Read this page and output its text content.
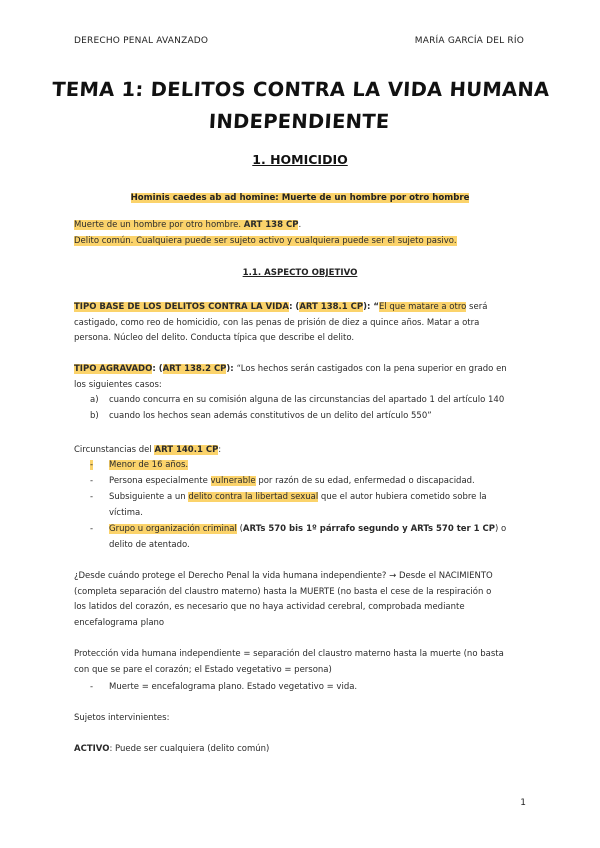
DERECHO PENAL AVANZADO	MARÍA GARCÍA DEL RÍO
TEMA 1: DELITOS CONTRA LA VIDA HUMANA
INDEPENDIENTE
1. HOMICIDIO
Hominis caedes ab ad homine: Muerte de un hombre por otro hombre
Muerte de un hombre por otro hombre. ART 138 CP.
Delito común. Cualquiera puede ser sujeto activo y cualquiera puede ser el sujeto pasivo.
1.1. ASPECTO OBJETIVO
TIPO BASE DE LOS DELITOS CONTRA LA VIDA: (ART 138.1 CP): “El que matare a otro será
castigado, como reo de homicidio, con las penas de prisión de diez a quince años. Matar a otra
persona. Núcleo del delito. Conducta típica que describe el delito.
TIPO AGRAVADO: (ART 138.2 CP): “Los hechos serán castigados con la pena superior en grado en
los siguientes casos:
a) cuando concurra en su comisión alguna de las circunstancias del apartado 1 del artículo 140
b) cuando los hechos sean además constitutivos de un delito del artículo 550”
Circunstancias del ART 140.1 CP:
- Menor de 16 años.
- Persona especialmente vulnerable por razón de su edad, enfermedad o discapacidad.
- Subsiguiente a un delito contra la libertad sexual que el autor hubiera cometido sobre la
víctima.
- Grupo u organización criminal (ARTs 570 bis 1º párrafo segundo y ARTs 570 ter 1 CP) o
delito de atentado.
¿Desde cuándo protege el Derecho Penal la vida humana independiente? → Desde el NACIMIENTO
(completa separación del claustro materno) hasta la MUERTE (no basta el cese de la respiración o
los latidos del corazón, es necesario que no haya actividad cerebral, comprobada mediante
encefalograma plano
Protección vida humana independiente = separación del claustro materno hasta la muerte (no basta
con que se pare el corazón; el Estado vegetativo = persona)
- Muerte = encefalograma plano. Estado vegetativo = vida.
Sujetos intervinientes:
ACTIVO: Puede ser cualquiera (delito común)
1
